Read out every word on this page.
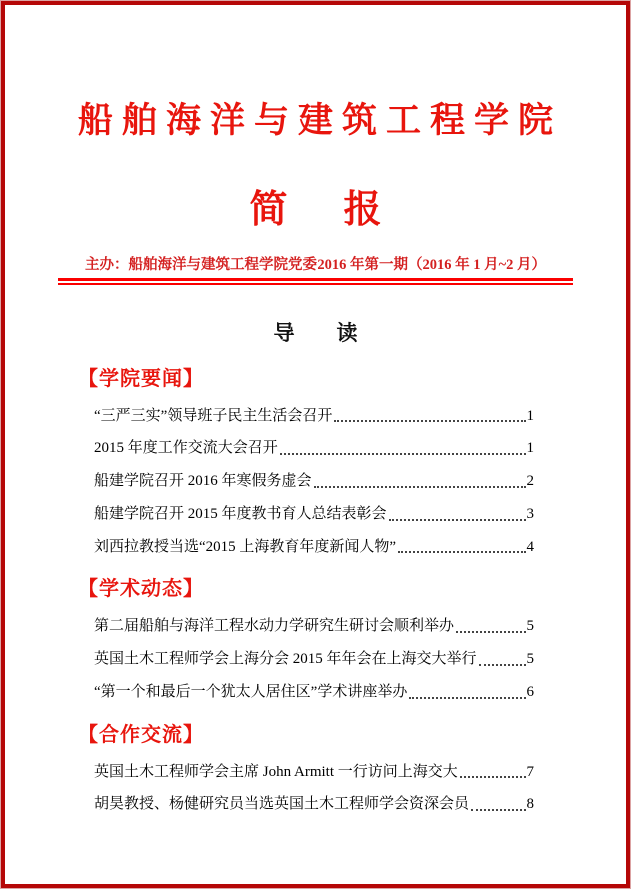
船舶海洋与建筑工程学院
简 报
主办：船舶海洋与建筑工程学院党委 2016 年第一期（2016 年 1 月~2 月）
导 读
【学院要闻】
“三严三实”领导班子民主生活会召开	1
2015 年度工作交流大会召开	1
船建学院召开 2016 年寒假务虚会	2
船建学院召开 2015 年度教书育人总结表彰会	3
刘西拉教授当选“2015 上海教育年度新闻人物”	4
【学术动态】
第二届船舶与海洋工程水动力学研究生研讨会顺利举办	5
英国土木工程师学会上海分会 2015 年年会在上海交大举行	5
“第一个和最后一个犹太人居住区”学术讲座举办	6
【合作交流】
英国土木工程师学会主席 John Armitt 一行访问上海交大	7
胡昊教授、杨健研究员当选英国土木工程师学会资深会员	8
